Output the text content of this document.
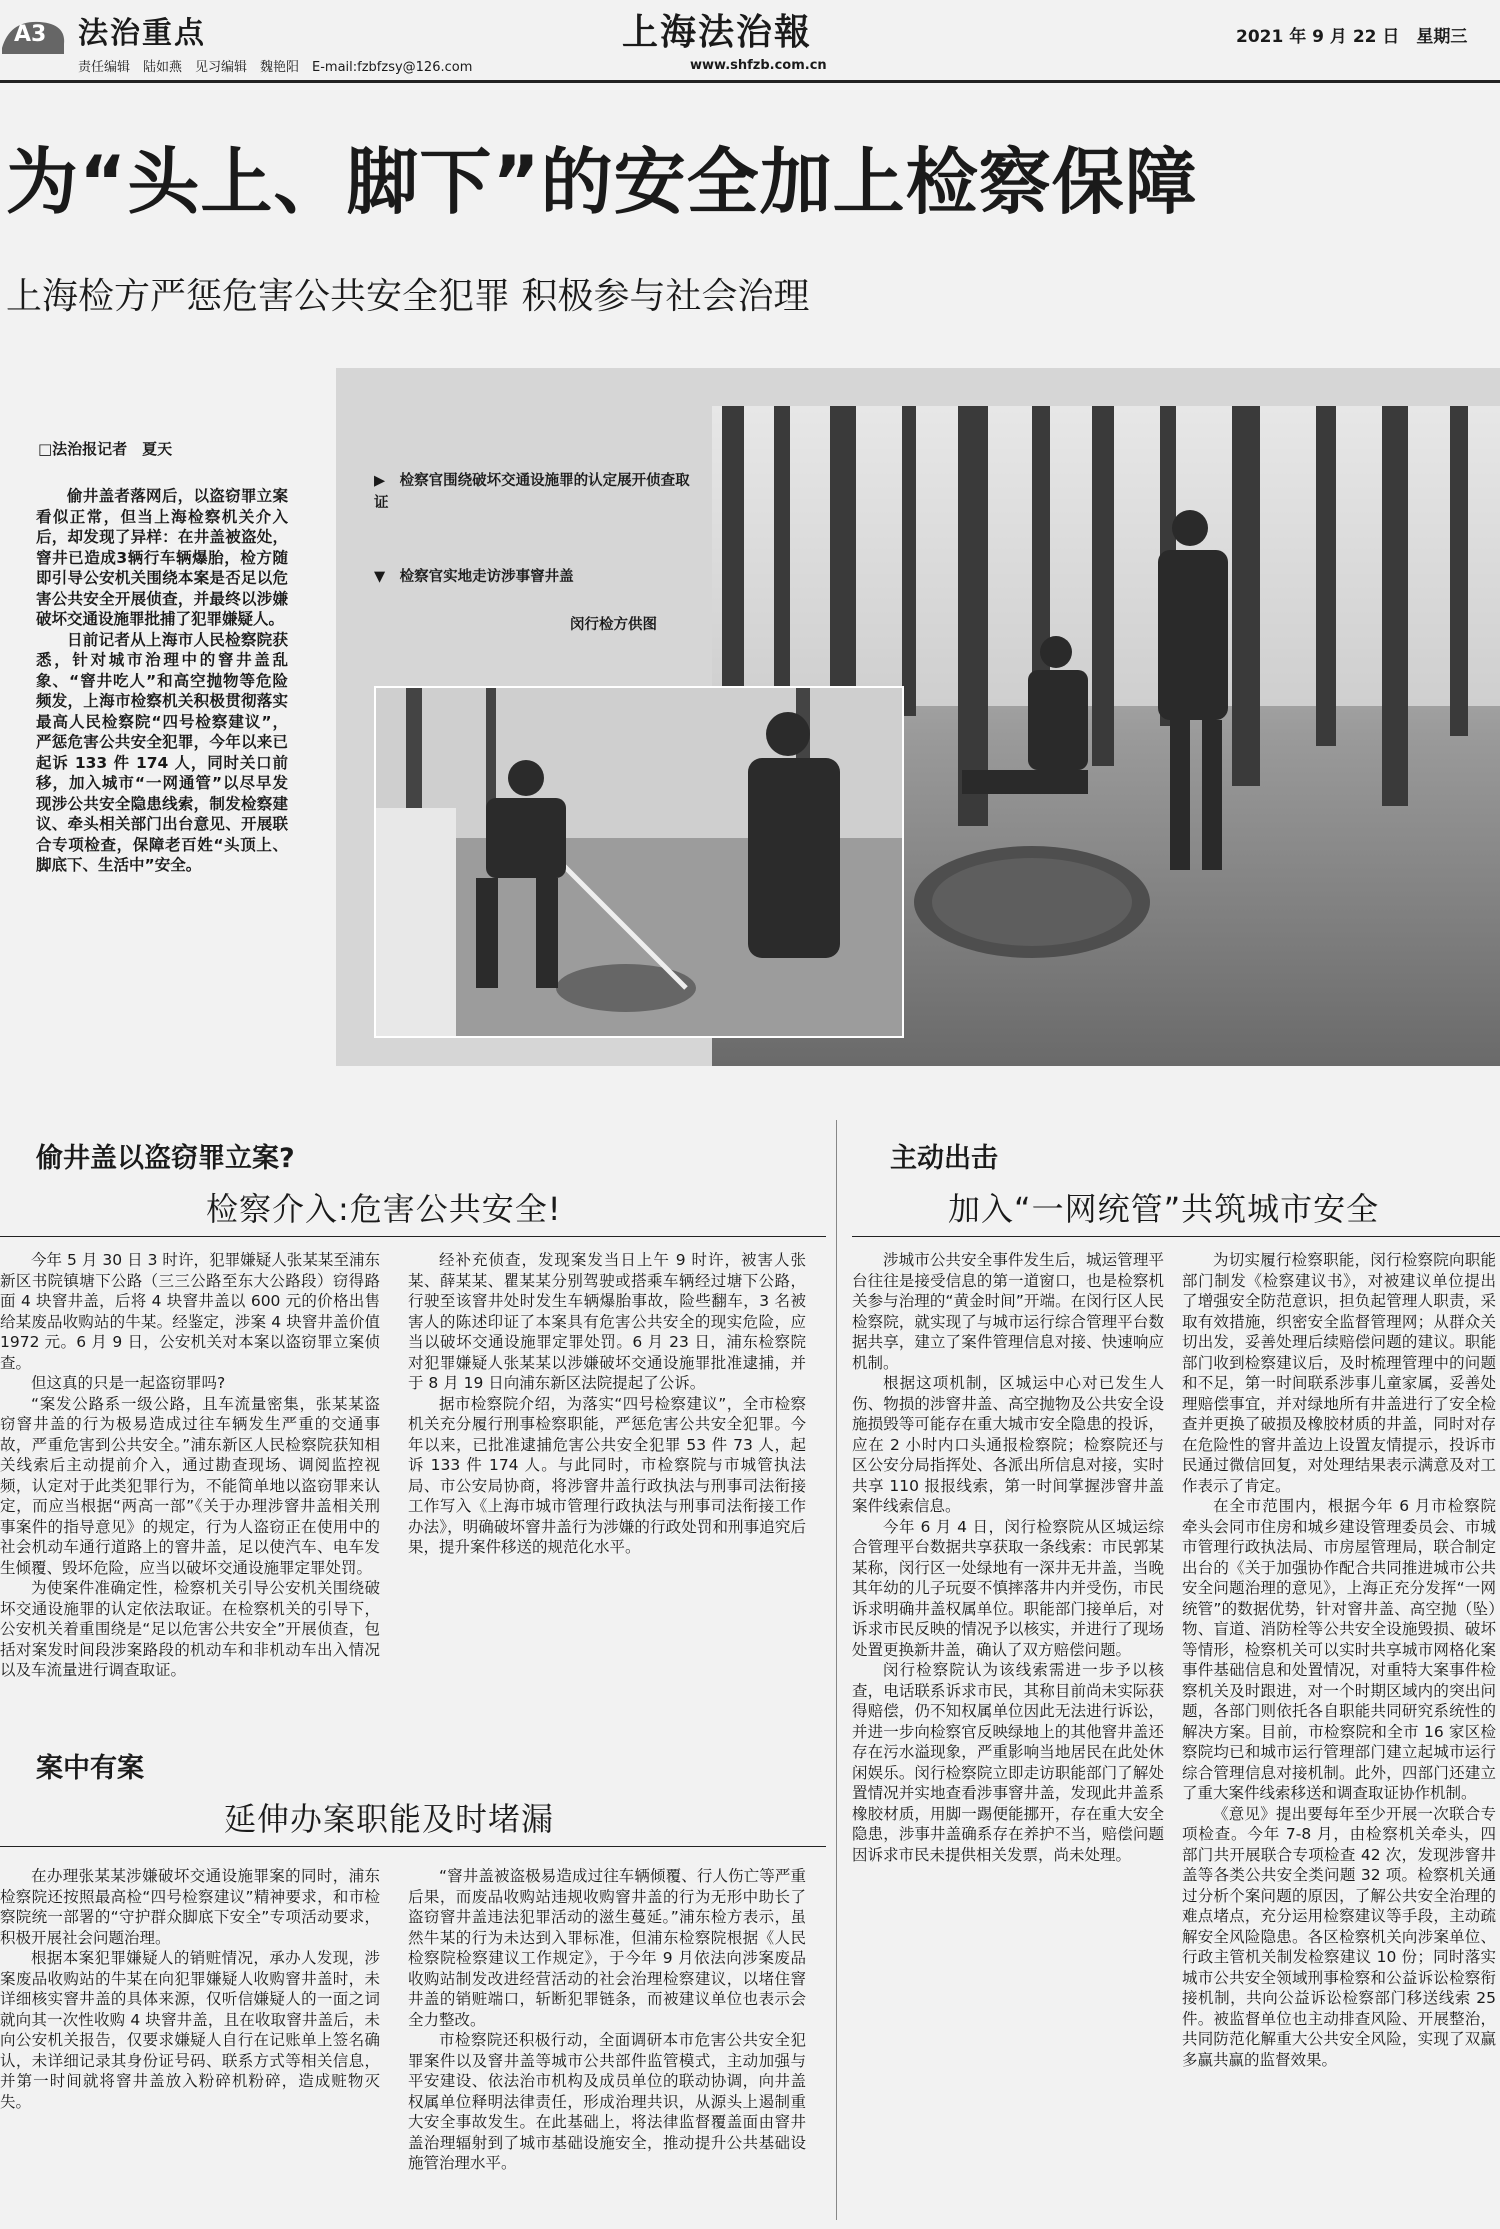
A3 法治重点
责任编辑　陆如燕　见习编辑　魏艳阳　E-mail:fzbfzsy@126.com
上海法治報
www.shfzb.com.cn
2021 年 9 月 22 日　星期三
为“头上、脚下”的安全加上检察保障
上海检方严惩危害公共安全犯罪 积极参与社会治理
□法治报记者　夏天

偷井盖者落网后，以盗窃罪立案看似正常，但当上海检察机关介入后，却发现了异样：在井盖被盗处，窨井已造成3辆行车辆爆胎，检方随即引导公安机关围绕本案是否足以危害公共安全开展侦查，并最终以涉嫌破坏交通设施罪批捕了犯罪嫌疑人。

日前记者从上海市人民检察院获悉，针对城市治理中的窨井盖乱象、“窨井吃人”和高空抛物等危险频发，上海市检察机关积极贯彻落实最高人民检察院“四号检察建议”，严惩危害公共安全犯罪，今年以来已起诉 133 件 174 人，同时关口前移，加入城市“一网通管”以尽早发现涉公共安全隐患线索，制发检察建议、牵头相关部门出台意见、开展联合专项检查，保障老百姓“头顶上、脚底下、生活中”安全。

▶　检察官围绕破坏交通设施罪的认定展开侦查取证
▼　检察官实地走访涉事窨井盖
闵行检方供图
偷井盖以盗窃罪立案?
检察介入:危害公共安全!

今年 5 月 30 日 3 时许，犯罪嫌疑人张某某至浦东新区书院镇塘下公路（三三公路至东大公路段）窃得路面 4 块窨井盖，后将 4 块窨井盖以 600 元的价格出售给某废品收购站的牛某。经鉴定，涉案 4 块窨井盖价值 1972 元。6 月 9 日，公安机关对本案以盗窃罪立案侦查。

但这真的只是一起盗窃罪吗?

“案发公路系一级公路，且车流量密集，张某某盗窃窨井盖的行为极易造成过往车辆发生严重的交通事故，严重危害到公共安全。”浦东新区人民检察院获知相关线索后主动提前介入，通过勘查现场、调阅监控视频，认定对于此类犯罪行为，不能简单地以盗窃罪来认定，而应当根据“两高一部”《关于办理涉窨井盖相关刑事案件的指导意见》的规定，行为人盗窃正在使用中的社会机动车通行道路上的窨井盖，足以使汽车、电车发生倾覆、毁坏危险，应当以破坏交通设施罪定罪处罚。

为使案件准确定性，检察机关引导公安机关围绕破坏交通设施罪的认定依法取证。在检察机关的引导下，公安机关着重围绕是“足以危害公共安全”开展侦查，包括对案发时间段涉案路段的机动车和非机动车出入情况以及车流量进行调查取证。

经补充侦查，发现案发当日上午 9 时许，被害人张某、薛某某、瞿某某分别驾驶或搭乘车辆经过塘下公路，行驶至该窨井处时发生车辆爆胎事故，险些翻车，3 名被害人的陈述印证了本案具有危害公共安全的现实危险，应当以破坏交通设施罪定罪处罚。6 月 23 日，浦东检察院对犯罪嫌疑人张某某以涉嫌破坏交通设施罪批准逮捕，并于 8 月 19 日向浦东新区法院提起了公诉。

据市检察院介绍，为落实“四号检察建议”，全市检察机关充分履行刑事检察职能，严惩危害公共安全犯罪。今年以来，已批准逮捕危害公共安全犯罪 53 件 73 人，起诉 133 件 174 人。与此同时，市检察院与市城管执法局、市公安局协商，将涉窨井盖行政执法与刑事司法衔接工作写入《上海市城市管理行政执法与刑事司法衔接工作办法》，明确破坏窨井盖行为涉嫌的行政处罚和刑事追究后果，提升案件移送的规范化水平。

案中有案
延伸办案职能及时堵漏

在办理张某某涉嫌破坏交通设施罪案的同时，浦东检察院还按照最高检“四号检察建议”精神要求，和市检察院统一部署的“守护群众脚底下安全”专项活动要求，积极开展社会问题治理。

根据本案犯罪嫌疑人的销赃情况，承办人发现，涉案废品收购站的牛某在向犯罪嫌疑人收购窨井盖时，未详细核实窨井盖的具体来源，仅听信嫌疑人的一面之词就向其一次性收购 4 块窨井盖，且在收取窨井盖后，未向公安机关报告，仅要求嫌疑人自行在记账单上签名确认，未详细记录其身份证号码、联系方式等相关信息，并第一时间就将窨井盖放入粉碎机粉碎，造成赃物灭失。

“窨井盖被盗极易造成过往车辆倾覆、行人伤亡等严重后果，而废品收购站违规收购窨井盖的行为无形中助长了盗窃窨井盖违法犯罪活动的滋生蔓延。”浦东检方表示，虽然牛某的行为未达到入罪标准，但浦东检察院根据《人民检察院检察建议工作规定》，于今年 9 月依法向涉案废品收购站制发改进经营活动的社会治理检察建议，以堵住窨井盖的销赃端口，斩断犯罪链条，而被建议单位也表示会全力整改。

市检察院还积极行动，全面调研本市危害公共安全犯罪案件以及窨井盖等城市公共部件监管模式，主动加强与平安建设、依法治市机构及成员单位的联动协调，向井盖权属单位释明法律责任，形成治理共识，从源头上遏制重大安全事故发生。在此基础上，将法律监督覆盖面由窨井盖治理辐射到了城市基础设施安全，推动提升公共基础设施管治理水平。

主动出击
加入“一网统管”共筑城市安全

涉城市公共安全事件发生后，城运管理平台往往是接受信息的第一道窗口，也是检察机关参与治理的“黄金时间”开端。在闵行区人民检察院，就实现了与城市运行综合管理平台数据共享，建立了案件管理信息对接、快速响应机制。

根据这项机制，区城运中心对已发生人伤、物损的涉窨井盖、高空抛物及公共安全设施损毁等可能存在重大城市安全隐患的投诉，应在 2 小时内口头通报检察院；检察院还与区公安分局指挥处、各派出所信息对接，实时共享 110 报报线索，第一时间掌握涉窨井盖案件线索信息。

今年 6 月 4 日，闵行检察院从区城运综合管理平台数据共享获取一条线索：市民郭某某称，闵行区一处绿地有一深井无井盖，当晚其年幼的儿子玩耍不慎摔落井内并受伤，市民诉求明确井盖权属单位。职能部门接单后，对诉求市民反映的情况予以核实，并进行了现场处置更换新井盖，确认了双方赔偿问题。

闵行检察院认为该线索需进一步予以核查，电话联系诉求市民，其称目前尚未实际获得赔偿，仍不知权属单位因此无法进行诉讼，并进一步向检察官反映绿地上的其他窨井盖还存在污水溢现象，严重影响当地居民在此处休闲娱乐。闵行检察院立即走访职能部门了解处置情况并实地查看涉事窨井盖，发现此井盖系橡胶材质，用脚一踢便能挪开，存在重大安全隐患，涉事井盖确系存在养护不当，赔偿问题因诉求市民未提供相关发票，尚未处理。

为切实履行检察职能，闵行检察院向职能部门制发《检察建议书》，对被建议单位提出了增强安全防范意识，担负起管理人职责，采取有效措施，织密安全监督管理网；从群众关切出发，妥善处理后续赔偿问题的建议。职能部门收到检察建议后，及时梳理管理中的问题和不足，第一时间联系涉事儿童家属，妥善处理赔偿事宜，并对绿地所有井盖进行了安全检查并更换了破损及橡胶材质的井盖，同时对存在危险性的窨井盖边上设置友情提示，投诉市民通过微信回复，对处理结果表示满意及对工作表示了肯定。

在全市范围内，根据今年 6 月市检察院牵头会同市住房和城乡建设管理委员会、市城市管理行政执法局、市房屋管理局，联合制定出台的《关于加强协作配合共同推进城市公共安全问题治理的意见》，上海正充分发挥“一网统管”的数据优势，针对窨井盖、高空抛（坠）物、盲道、消防栓等公共安全设施毁损、破坏等情形，检察机关可以实时共享城市网格化案事件基础信息和处置情况，对重特大案事件检察机关及时跟进，对一个时期区域内的突出问题，各部门则依托各自职能共同研究系统性的解决方案。目前，市检察院和全市 16 家区检察院均已和城市运行管理部门建立起城市运行综合管理信息对接机制。此外，四部门还建立了重大案件线索移送和调查取证协作机制。

《意见》提出要每年至少开展一次联合专项检查。今年 7-8 月，由检察机关牵头，四部门共开展联合专项检查 42 次，发现涉窨井盖等各类公共安全类问题 32 项。检察机关通过分析个案问题的原因，了解公共安全治理的难点堵点，充分运用检察建议等手段，主动疏解安全风险隐患。各区检察机关向涉案单位、行政主管机关制发检察建议 10 份；同时落实城市公共安全领域刑事检察和公益诉讼检察衔接机制，共向公益诉讼检察部门移送线索 25 件。被监督单位也主动排查风险、开展整治，共同防范化解重大公共安全风险，实现了双赢多赢共赢的监督效果。
